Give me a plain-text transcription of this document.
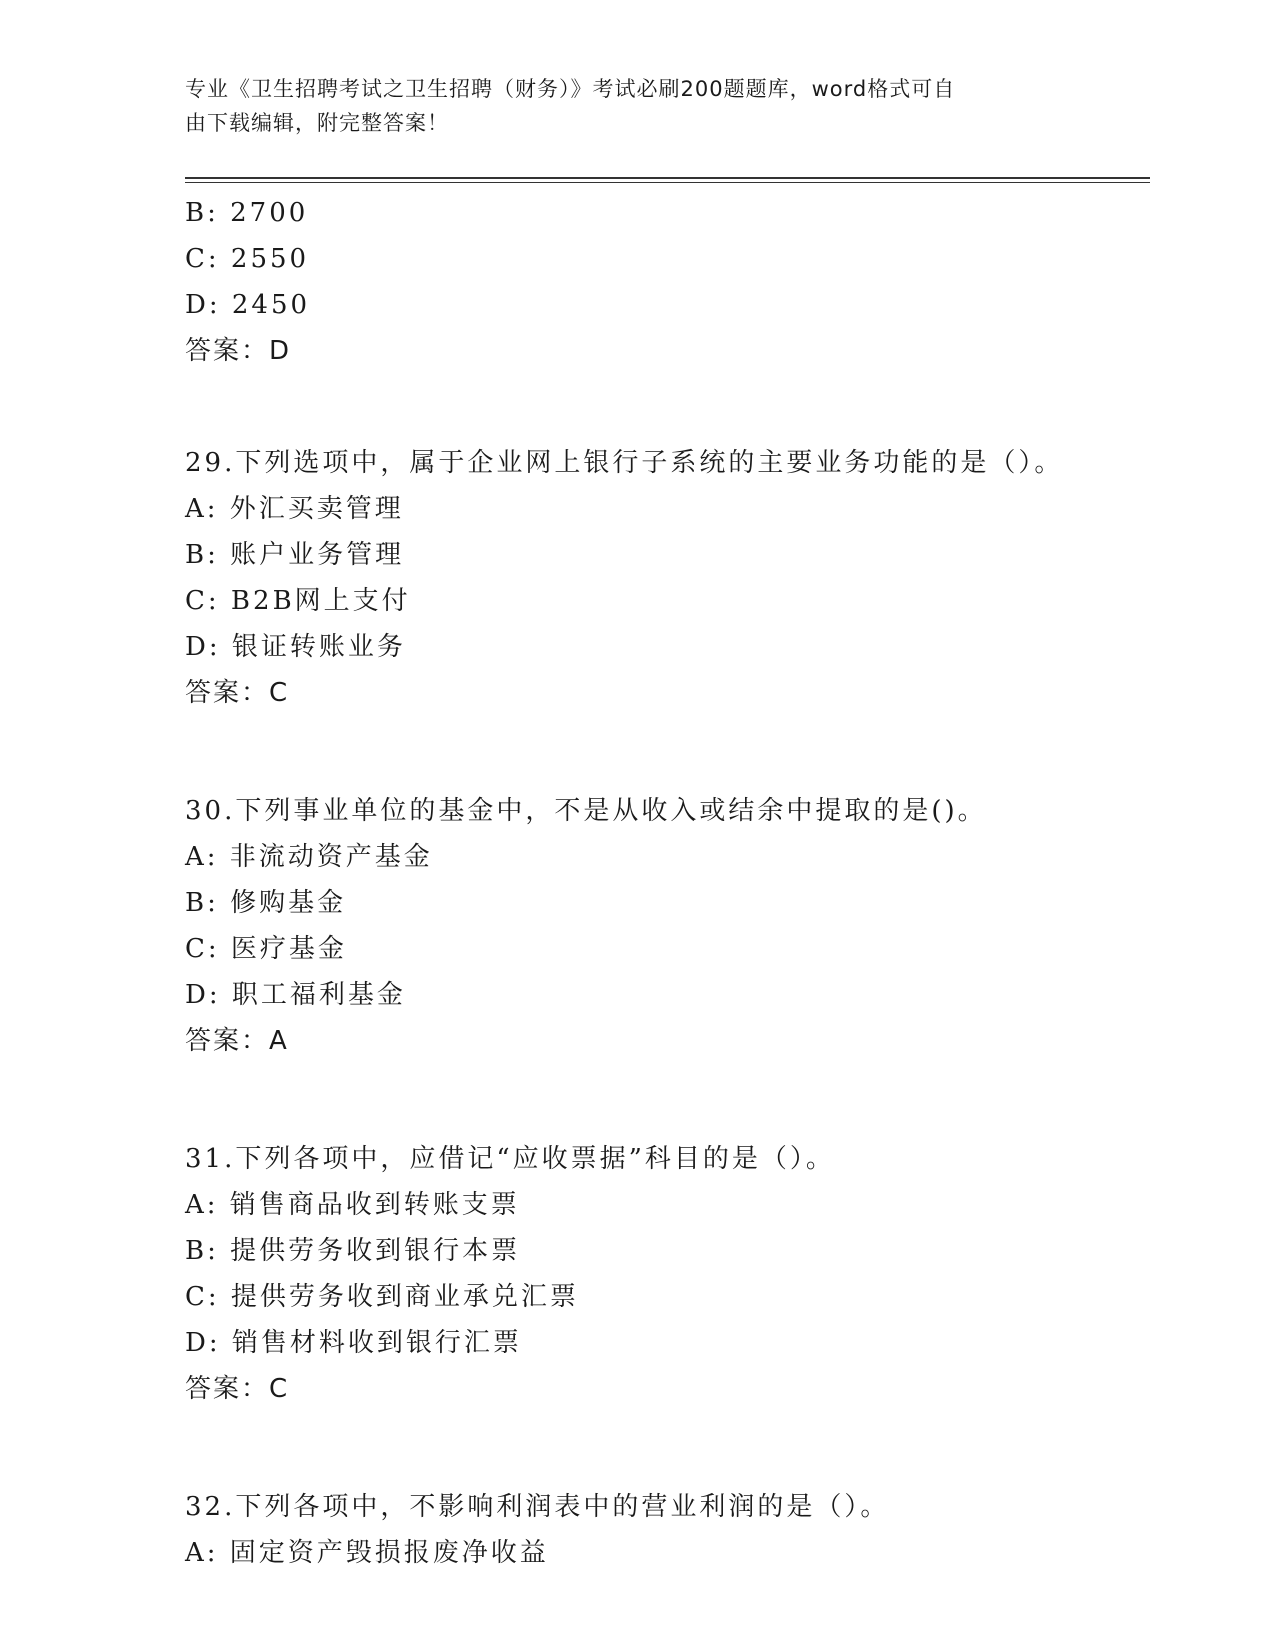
专业《卫生招聘考试之卫生招聘（财务）》考试必刷200题题库，word格式可自
由下载编辑，附完整答案！
B: 2700
C: 2550
D: 2450
答案：D
29.下列选项中，属于企业网上银行子系统的主要业务功能的是（）。
A: 外汇买卖管理
B: 账户业务管理
C: B2B网上支付
D: 银证转账业务
答案：C
30.下列事业单位的基金中，不是从收入或结余中提取的是()。
A: 非流动资产基金
B: 修购基金
C: 医疗基金
D: 职工福利基金
答案：A
31.下列各项中，应借记“应收票据”科目的是（）。
A: 销售商品收到转账支票
B: 提供劳务收到银行本票
C: 提供劳务收到商业承兑汇票
D: 销售材料收到银行汇票
答案：C
32.下列各项中，不影响利润表中的营业利润的是（）。
A: 固定资产毁损报废净收益
